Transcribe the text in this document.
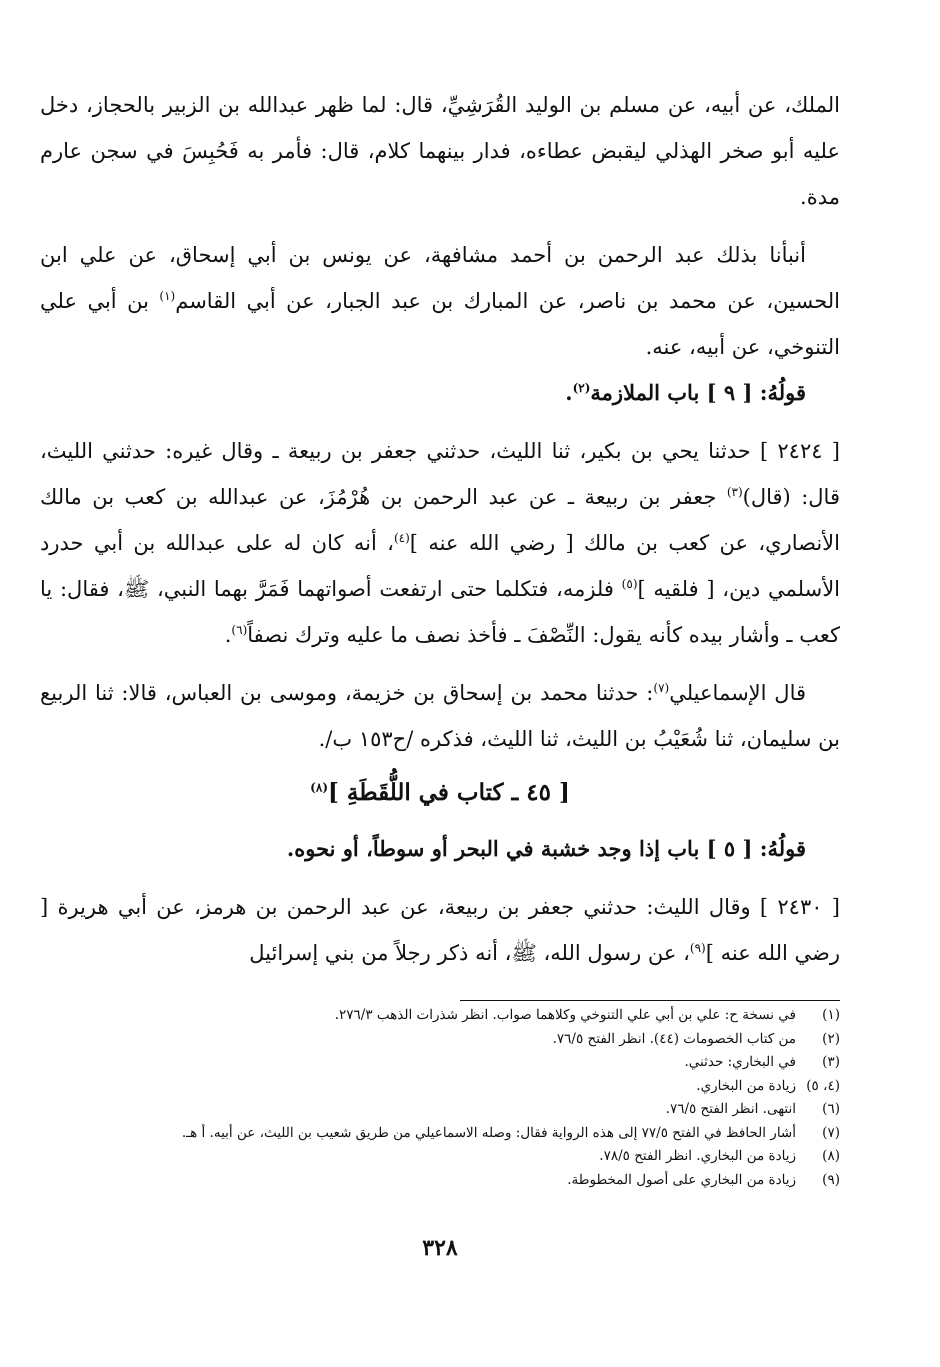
الملك، عن أبيه، عن مسلم بن الوليد القُرَشِيِّ، قال: لما ظهر عبدالله بن الزبير بالحجاز، دخل عليه أبو صخر الهذلي ليقبض عطاءه، فدار بينهما كلام، قال: فأمر به فَحُبِسَ في سجن عارم مدة.

أنبأنا بذلك عبد الرحمن بن أحمد مشافهة، عن يونس بن أبي إسحاق، عن علي ابن الحسين، عن محمد بن ناصر، عن المبارك بن عبد الجبار، عن أبي القاسم$^{(١)}$ بن أبي علي التنوخي، عن أبيه، عنه.

قولُهُ: [ ٩ ] باب الملازمة$^{(٢)}$.

[ ٢٤٢٤ ] حدثنا يحي بن بكير، ثنا الليث، حدثني جعفر بن ربيعة ـ وقال غيره: حدثني الليث، قال: (قال)$^{(٣)}$ جعفر بن ربيعة ـ عن عبد الرحمن بن هُرْمُزَ، عن عبدالله بن كعب بن مالك الأنصاري، عن كعب بن مالك [ رضي الله عنه ]$^{(٤)}$، أنه كان له على عبدالله بن أبي حدرد الأسلمي دين، [ فلقيه ]$^{(٥)}$ فلزمه، فتكلما حتى ارتفعت أصواتهما فَمَرَّ بهما النبي، ﷺ، فقال: يا كعب ـ وأشار بيده كأنه يقول: النِّصْفَ ـ فأخذ نصف ما عليه وترك نصفاً$^{(٦)}$.

قال الإسماعيلي$^{(٧)}$: حدثنا محمد بن إسحاق بن خزيمة، وموسى بن العباس، قالا: ثنا الربيع بن سليمان، ثنا شُعَيْبُ بن الليث، ثنا الليث، فذكره /ح١٥٣ ب/.

[ ٤٥ ـ كتاب في اللُّقَطَةِ ]$^{(٨)}$

قولُهُ: [ ٥ ] باب إذا وجد خشبة في البحر أو سوطاً، أو نحوه.

[ ٢٤٣٠ ] وقال الليث: حدثني جعفر بن ربيعة، عن عبد الرحمن بن هرمز، عن أبي هريرة [ رضي الله عنه ]$^{(٩)}$، عن رسول الله، ﷺ، أنه ذكر رجلاً من بني إسرائيل

(١)
في نسخة ح: علي بن أبي علي التنوخي وكلاهما صواب. انظر شذرات الذهب ٢٧٦/٣.
(٢)
من كتاب الخصومات (٤٤). انظر الفتح ٧٦/٥.
(٣)
في البخاري: حدثني.
(٤، ٥)
زيادة من البخاري.
(٦)
انتهى. انظر الفتح ٧٦/٥.
(٧)
أشار الحافظ في الفتح ٧٧/٥ إلى هذه الرواية فقال: وصله الاسماعيلي من طريق شعيب بن الليث، عن أبيه. أ هـ.
(٨)
زيادة من البخاري. انظر الفتح ٧٨/٥.
(٩)
زيادة من البخاري على أصول المخطوطة.
٣٢٨
